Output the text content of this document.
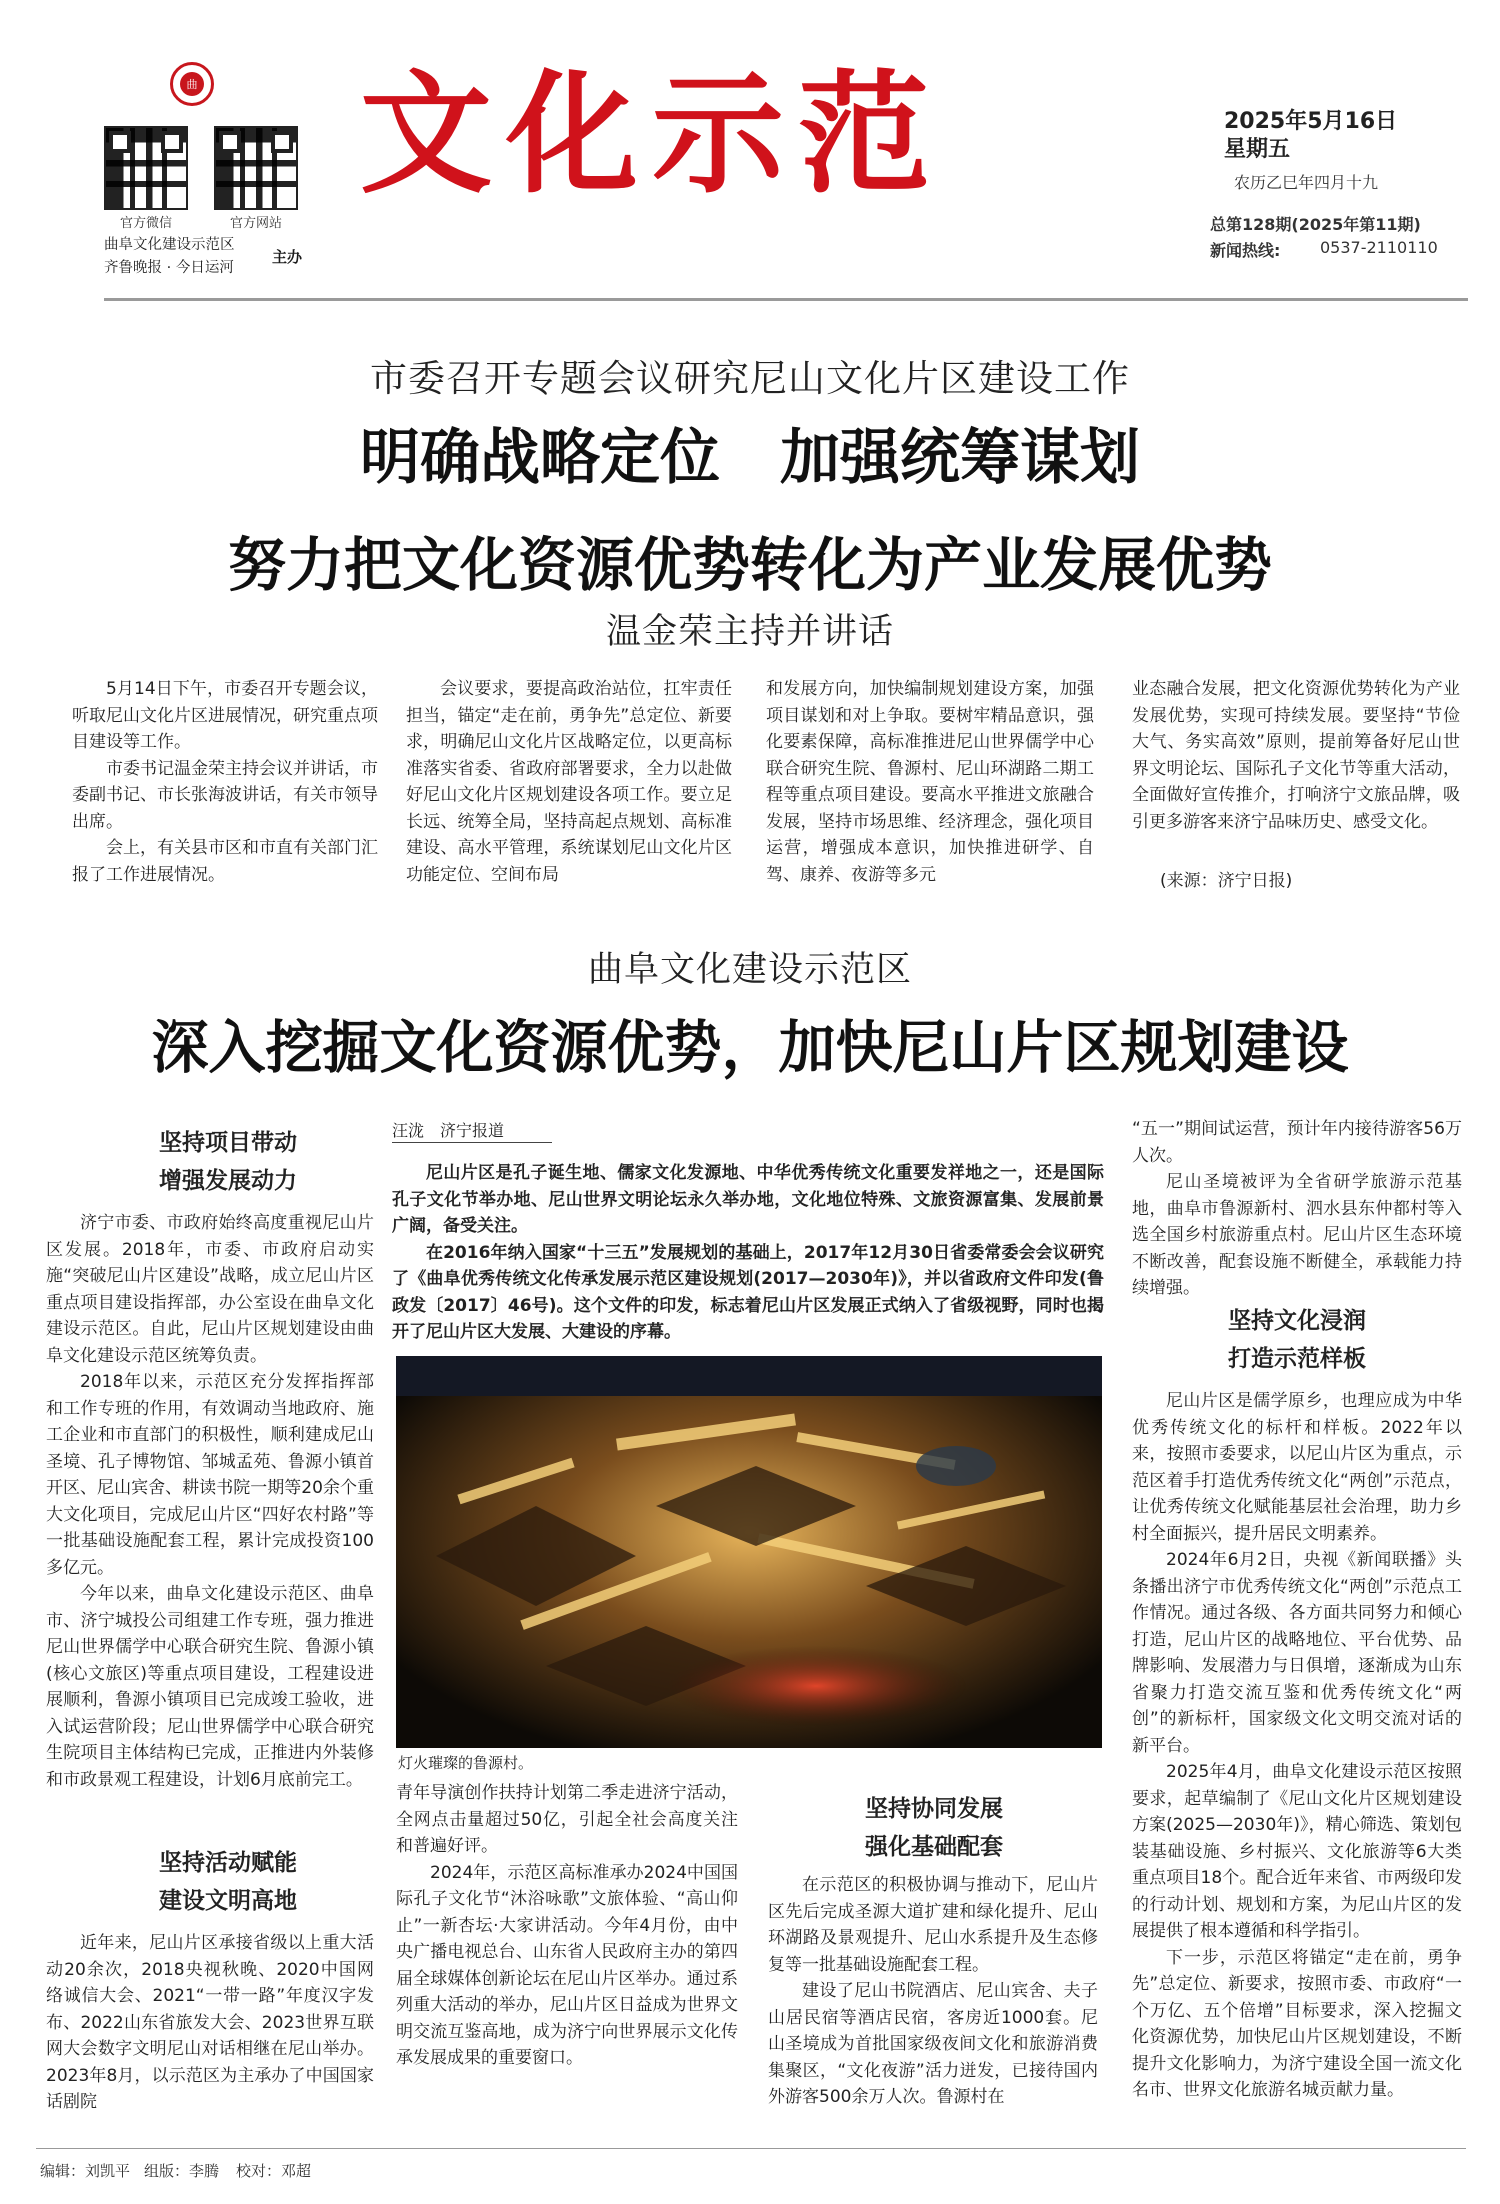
曲
官方微信	官方网站
曲阜文化建设示范区
齐鲁晚报 · 今日运河
主办
文化示范	2025年5月16日
星期五
农历乙巳年四月十九
总第128期(2025年第11期)
新闻热线: 0537-2110110
市委召开专题会议研究尼山文化片区建设工作
明确战略定位　加强统筹谋划
努力把文化资源优势转化为产业发展优势
温金荣主持并讲话

5月14日下午，市委召开专题会议，听取尼山文化片区进展情况，研究重点项目建设等工作。

市委书记温金荣主持会议并讲话，市委副书记、市长张海波讲话，有关市领导出席。

会上，有关县市区和市直有关部门汇报了工作进展情况。

会议要求，要提高政治站位，扛牢责任担当，锚定“走在前，勇争先”总定位、新要求，明确尼山文化片区战略定位，以更高标准落实省委、省政府部署要求，全力以赴做好尼山文化片区规划建设各项工作。要立足长远、统筹全局，坚持高起点规划、高标准建设、高水平管理，系统谋划尼山文化片区功能定位、空间布局

和发展方向，加快编制规划建设方案，加强项目谋划和对上争取。要树牢精品意识，强化要素保障，高标准推进尼山世界儒学中心联合研究生院、鲁源村、尼山环湖路二期工程等重点项目建设。要高水平推进文旅融合发展，坚持市场思维、经济理念，强化项目运营，增强成本意识，加快推进研学、自驾、康养、夜游等多元

业态融合发展，把文化资源优势转化为产业发展优势，实现可持续发展。要坚持“节俭大气、务实高效”原则，提前筹备好尼山世界文明论坛、国际孔子文化节等重大活动，全面做好宣传推介，打响济宁文旅品牌，吸引更多游客来济宁品味历史、感受文化。

(来源：济宁日报)
曲阜文化建设示范区
深入挖掘文化资源优势，加快尼山片区规划建设
坚持项目带动
增强发展动力

济宁市委、市政府始终高度重视尼山片区发展。2018年，市委、市政府启动实施“突破尼山片区建设”战略，成立尼山片区重点项目建设指挥部，办公室设在曲阜文化建设示范区。自此，尼山片区规划建设由曲阜文化建设示范区统筹负责。

2018年以来，示范区充分发挥指挥部和工作专班的作用，有效调动当地政府、施工企业和市直部门的积极性，顺利建成尼山圣境、孔子博物馆、邹城孟苑、鲁源小镇首开区、尼山宾舍、耕读书院一期等20余个重大文化项目，完成尼山片区“四好农村路”等一批基础设施配套工程，累计完成投资100多亿元。

今年以来，曲阜文化建设示范区、曲阜市、济宁城投公司组建工作专班，强力推进尼山世界儒学中心联合研究生院、鲁源小镇(核心文旅区)等重点项目建设，工程建设进展顺利，鲁源小镇项目已完成竣工验收，进入试运营阶段；尼山世界儒学中心联合研究生院项目主体结构已完成，正推进内外装修和市政景观工程建设，计划6月底前完工。

坚持活动赋能
建设文明高地

近年来，尼山片区承接省级以上重大活动20余次，2018央视秋晚、2020中国网络诚信大会、2021“一带一路”年度汉字发布、2022山东省旅发大会、2023世界互联网大会数字文明尼山对话相继在尼山举办。2023年8月，以示范区为主承办了中国国家话剧院

汪泷　济宁报道

尼山片区是孔子诞生地、儒家文化发源地、中华优秀传统文化重要发祥地之一，还是国际孔子文化节举办地、尼山世界文明论坛永久举办地，文化地位特殊、文旅资源富集、发展前景广阔，备受关注。

在2016年纳入国家“十三五”发展规划的基础上，2017年12月30日省委常委会会议研究了《曲阜优秀传统文化传承发展示范区建设规划(2017—2030年)》，并以省政府文件印发(鲁政发〔2017〕46号)。这个文件的印发，标志着尼山片区发展正式纳入了省级视野，同时也揭开了尼山片区大发展、大建设的序幕。

灯火璀璨的鲁源村。

青年导演创作扶持计划第二季走进济宁活动，全网点击量超过50亿，引起全社会高度关注和普遍好评。

2024年，示范区高标准承办2024中国国际孔子文化节“沐浴咏歌”文旅体验、“高山仰止”一新杏坛·大家讲活动。今年4月份，由中央广播电视总台、山东省人民政府主办的第四届全球媒体创新论坛在尼山片区举办。通过系列重大活动的举办，尼山片区日益成为世界文明交流互鉴高地，成为济宁向世界展示文化传承发展成果的重要窗口。

坚持协同发展
强化基础配套

在示范区的积极协调与推动下，尼山片区先后完成圣源大道扩建和绿化提升、尼山环湖路及景观提升、尼山水系提升及生态修复等一批基础设施配套工程。

建设了尼山书院酒店、尼山宾舍、夫子山居民宿等酒店民宿，客房近1000套。尼山圣境成为首批国家级夜间文化和旅游消费集聚区，“文化夜游”活力迸发，已接待国内外游客500余万人次。鲁源村在

“五一”期间试运营，预计年内接待游客56万人次。

尼山圣境被评为全省研学旅游示范基地，曲阜市鲁源新村、泗水县东仲都村等入选全国乡村旅游重点村。尼山片区生态环境不断改善，配套设施不断健全，承载能力持续增强。

坚持文化浸润
打造示范样板

尼山片区是儒学原乡，也理应成为中华优秀传统文化的标杆和样板。2022年以来，按照市委要求，以尼山片区为重点，示范区着手打造优秀传统文化“两创”示范点，让优秀传统文化赋能基层社会治理，助力乡村全面振兴，提升居民文明素养。

2024年6月2日，央视《新闻联播》头条播出济宁市优秀传统文化“两创”示范点工作情况。通过各级、各方面共同努力和倾心打造，尼山片区的战略地位、平台优势、品牌影响、发展潜力与日俱增，逐渐成为山东省聚力打造交流互鉴和优秀传统文化“两创”的新标杆，国家级文化文明交流对话的新平台。

2025年4月，曲阜文化建设示范区按照要求，起草编制了《尼山文化片区规划建设方案(2025—2030年)》，精心筛选、策划包装基础设施、乡村振兴、文化旅游等6大类重点项目18个。配合近年来省、市两级印发的行动计划、规划和方案，为尼山片区的发展提供了根本遵循和科学指引。

下一步，示范区将锚定“走在前，勇争先”总定位、新要求，按照市委、市政府“一个万亿、五个倍增”目标要求，深入挖掘文化资源优势，加快尼山片区规划建设，不断提升文化影响力，为济宁建设全国一流文化名市、世界文化旅游名城贡献力量。

编辑：刘凯平 组版：李腾 校对：邓超
